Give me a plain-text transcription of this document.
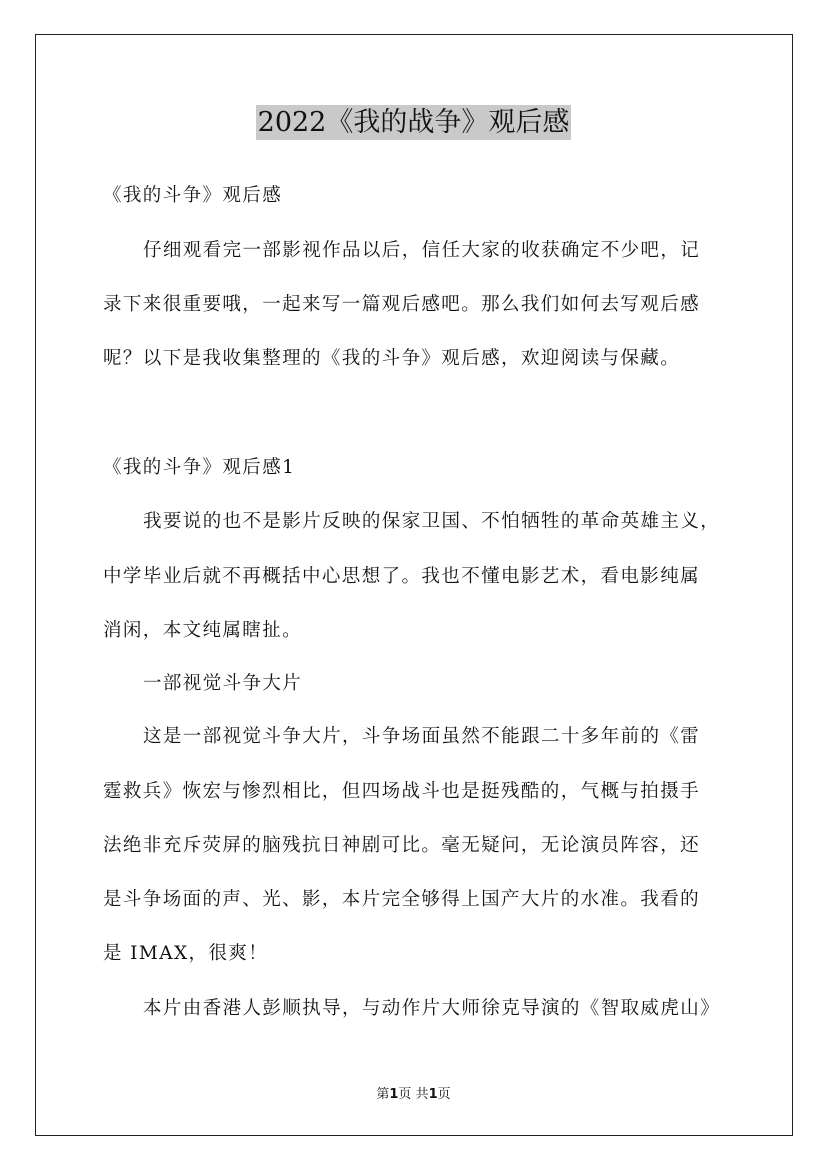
2022《我的战争》观后感
《我的斗争》观后感
仔细观看完一部影视作品以后，信任大家的收获确定不少吧，记
录下来很重要哦，一起来写一篇观后感吧。那么我们如何去写观后感
呢？以下是我收集整理的《我的斗争》观后感，欢迎阅读与保藏。
《我的斗争》观后感1
我要说的也不是影片反映的保家卫国、不怕牺牲的革命英雄主义，
中学毕业后就不再概括中心思想了。我也不懂电影艺术，看电影纯属
消闲，本文纯属瞎扯。
一部视觉斗争大片
这是一部视觉斗争大片，斗争场面虽然不能跟二十多年前的《雷
霆救兵》恢宏与惨烈相比，但四场战斗也是挺残酷的，气概与拍摄手
法绝非充斥荧屏的脑残抗日神剧可比。毫无疑问，无论演员阵容，还
是斗争场面的声、光、影，本片完全够得上国产大片的水准。我看的
是 IMAX，很爽！
本片由香港人彭顺执导，与动作片大师徐克导演的《智取威虎山》
第1页 共1页
